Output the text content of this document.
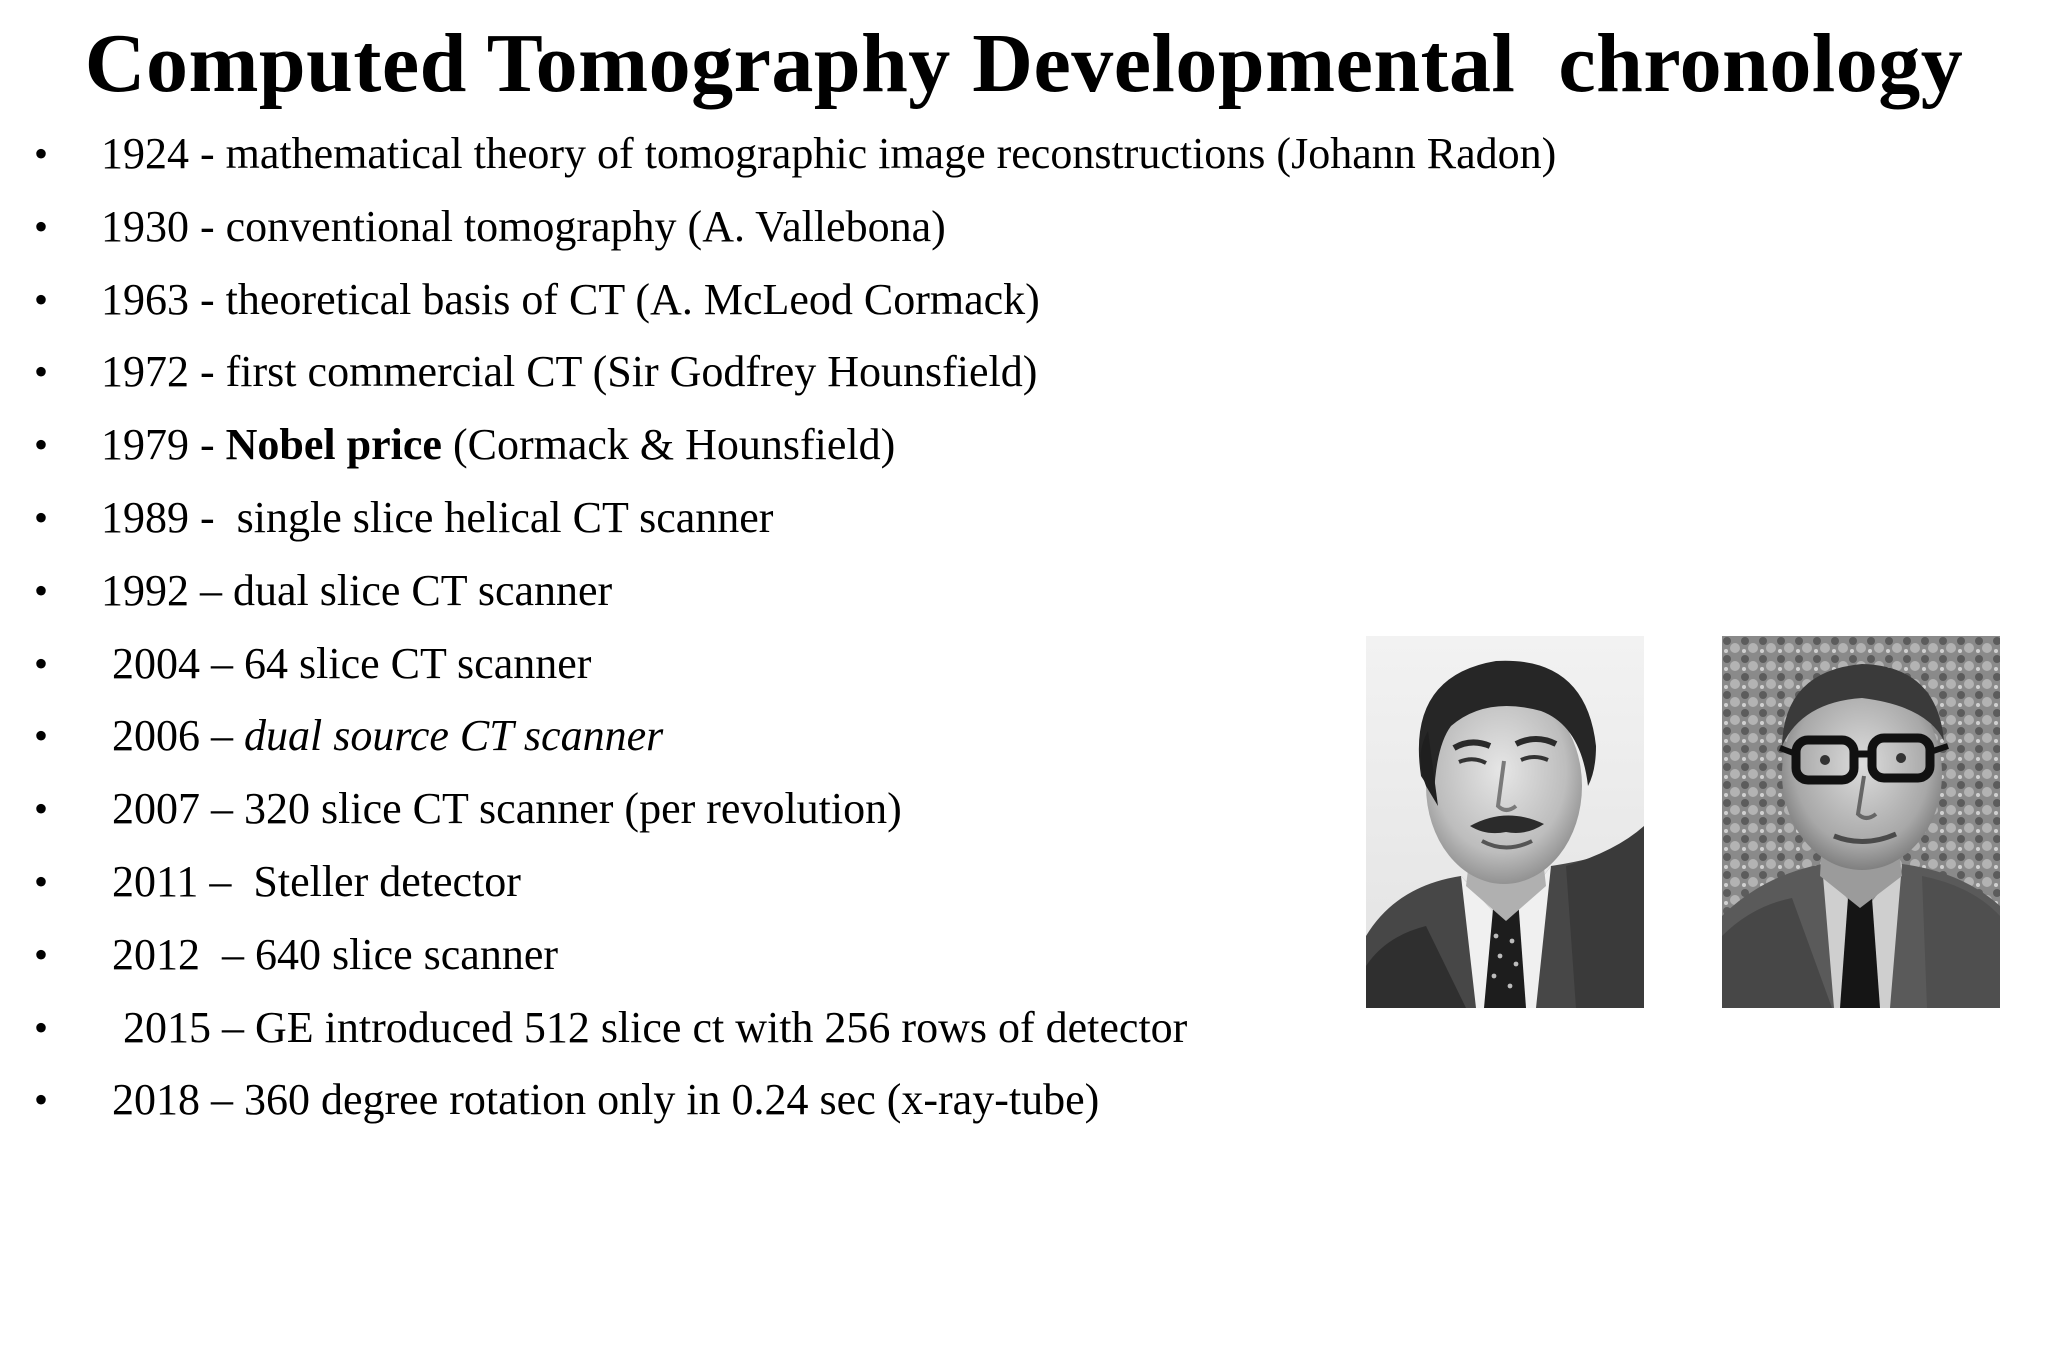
Computed Tomography Developmental  chronology

•

1924 - mathematical theory of tomographic image reconstructions (Johann Radon)

•

1930 - conventional tomography (A. Vallebona)

•

1963 - theoretical basis of CT (A. McLeod Cormack)

•

1972 - first commercial CT (Sir Godfrey Hounsfield)

•

1979 - Nobel price (Cormack & Hounsfield)

•

1989 -  single slice helical CT scanner

•

1992 – dual slice CT scanner

•

2004 – 64 slice CT scanner

•

2006 – dual source CT scanner

•

2007 – 320 slice CT scanner (per revolution)

•

2011 –  Steller detector

•

2012  – 640 slice scanner

•

2015 – GE introduced 512 slice ct with 256 rows of detector

•

2018 – 360 degree rotation only in 0.24 sec (x-ray-tube)
